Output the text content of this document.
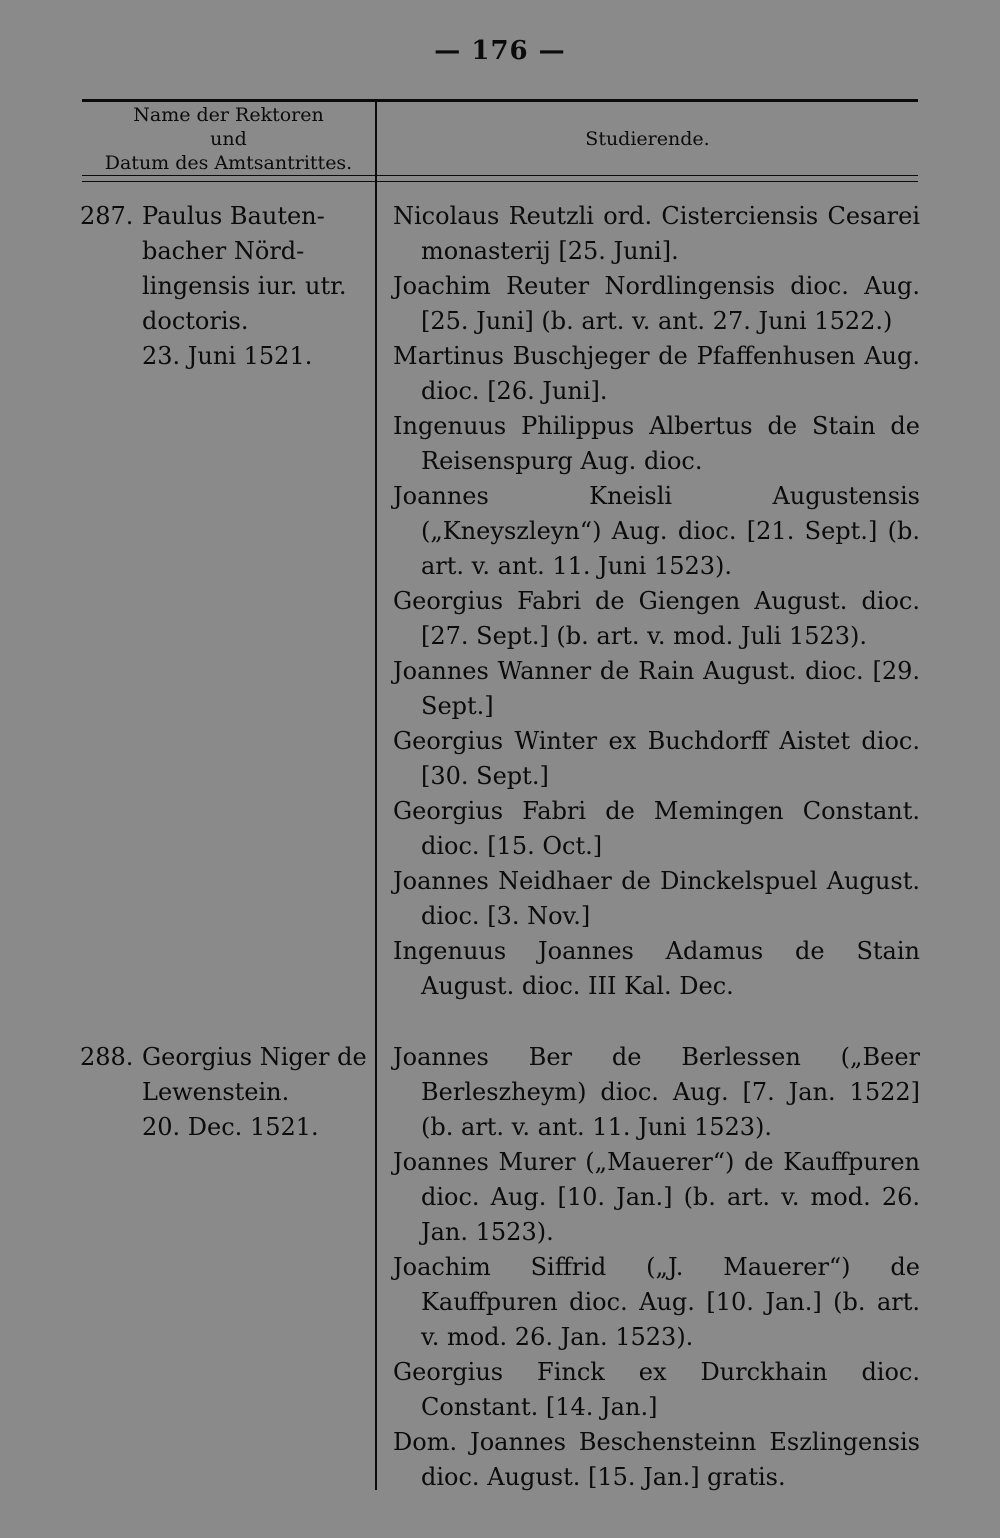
— 176 —
Name der Rektoren
und
Datum des Amtsantrittes.
Studierende.
287. Paulus Bauten-
bacher Nörd-
lingensis iur. utr.
doctoris.
23. Juni 1521.
Nicolaus Reutzli ord. Cisterciensis Cesarei monasterij [25. Juni].
Joachim Reuter Nordlingensis dioc. Aug. [25. Juni] (b. art. v. ant. 27. Juni 1522.)
Martinus Buschjeger de Pfaffenhusen Aug. dioc. [26. Juni].
Ingenuus Philippus Albertus de Stain de Reisenspurg Aug. dioc.
Joannes Kneisli Augustensis („Kneyszleyn“) Aug. dioc. [21. Sept.] (b. art. v. ant. 11. Juni 1523).
Georgius Fabri de Giengen August. dioc. [27. Sept.] (b. art. v. mod. Juli 1523).
Joannes Wanner de Rain August. dioc. [29. Sept.]
Georgius Winter ex Buchdorff Aistet dioc. [30. Sept.]
Georgius Fabri de Memingen Constant. dioc. [15. Oct.]
Joannes Neidhaer de Dinckelspuel August. dioc. [3. Nov.]
Ingenuus Joannes Adamus de Stain August. dioc. III Kal. Dec.
288. Georgius Niger de
Lewenstein.
20. Dec. 1521.
Joannes Ber de Berlessen („Beer Berleszheym) dioc. Aug. [7. Jan. 1522] (b. art. v. ant. 11. Juni 1523).
Joannes Murer („Mauerer“) de Kauffpuren dioc. Aug. [10. Jan.] (b. art. v. mod. 26. Jan. 1523).
Joachim Siffrid („J. Mauerer“) de Kauffpuren dioc. Aug. [10. Jan.] (b. art. v. mod. 26. Jan. 1523).
Georgius Finck ex Durckhain dioc. Constant. [14. Jan.]
Dom. Joannes Beschensteinn Eszlingensis dioc. August. [15. Jan.] gratis.
